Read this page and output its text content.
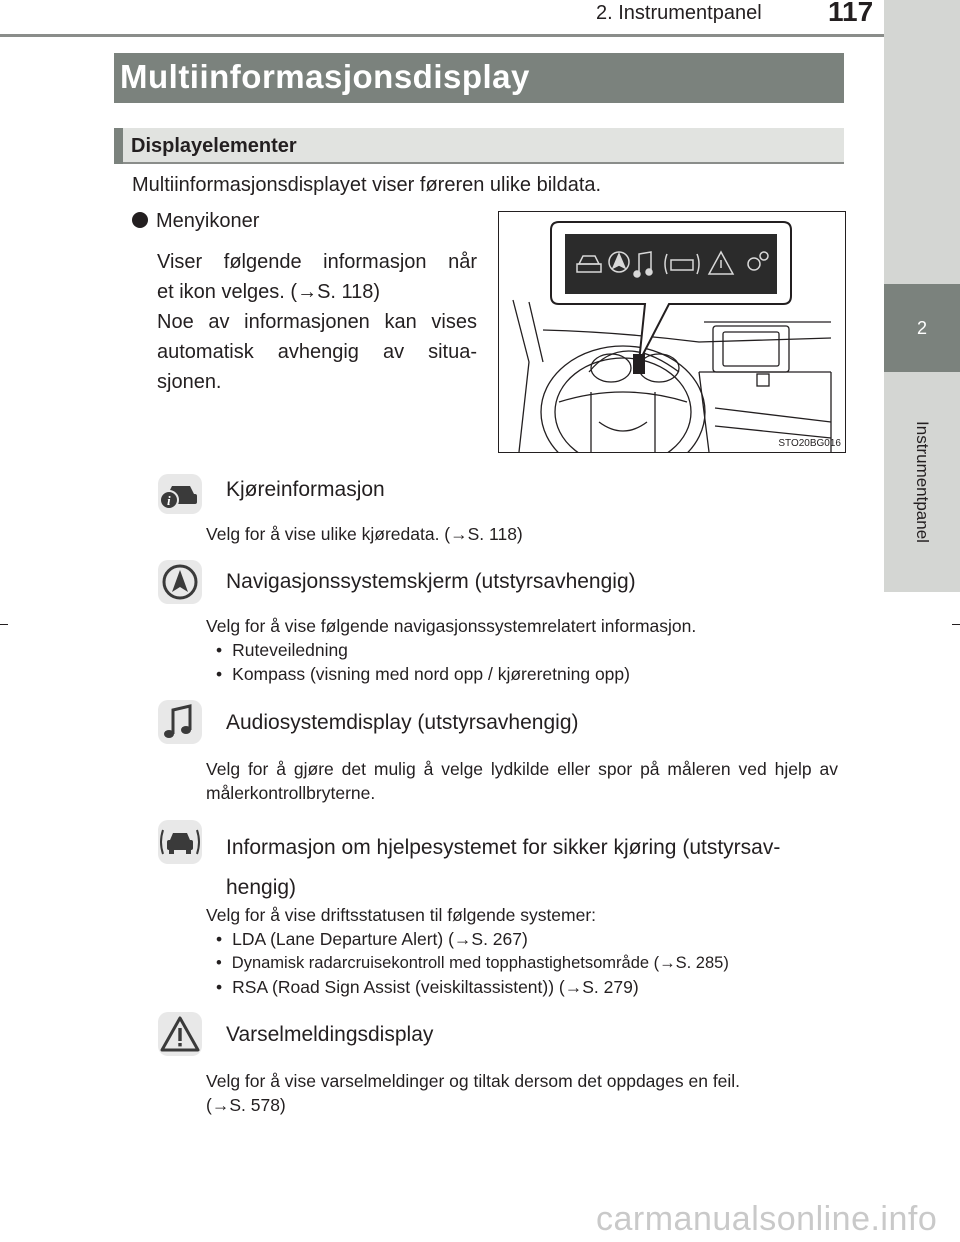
2. Instrumentpanel 117
2
Instrumentpanel
Multiinformasjonsdisplay
Displayelementer
Multiinformasjonsdisplayet viser føreren ulike bildata.
Menyikoner
Viser følgende informasjon når
et ikon velges. (→S. 118)
Noe av informasjonen kan vises
automatisk avhengig av situa-
sjonen.
STO20BG016
i	Kjøreinformasjon
Velg for å vise ulike kjøredata. (→S. 118)
Navigasjonssystemskjerm (utstyrsavhengig)
Velg for å vise følgende navigasjonssystemrelatert informasjon.
• Ruteveiledning
• Kompass (visning med nord opp / kjøreretning opp)
Audiosystemdisplay (utstyrsavhengig)
Velg for å gjøre det mulig å velge lydkilde eller spor på måleren ved hjelp av målerkontrollbryterne.
Informasjon om hjelpesystemet for sikker kjøring (utstyrsav-
hengig)
Velg for å vise driftsstatusen til følgende systemer:
• LDA (Lane Departure Alert) (→S. 267)
• Dynamisk radarcruisekontroll med topphastighetsområde (→S. 285)
• RSA (Road Sign Assist (veiskiltassistent)) (→S. 279)
Varselmeldingsdisplay
Velg for å vise varselmeldinger og tiltak dersom det oppdages en feil.
(→S. 578)
carmanualsonline.info
